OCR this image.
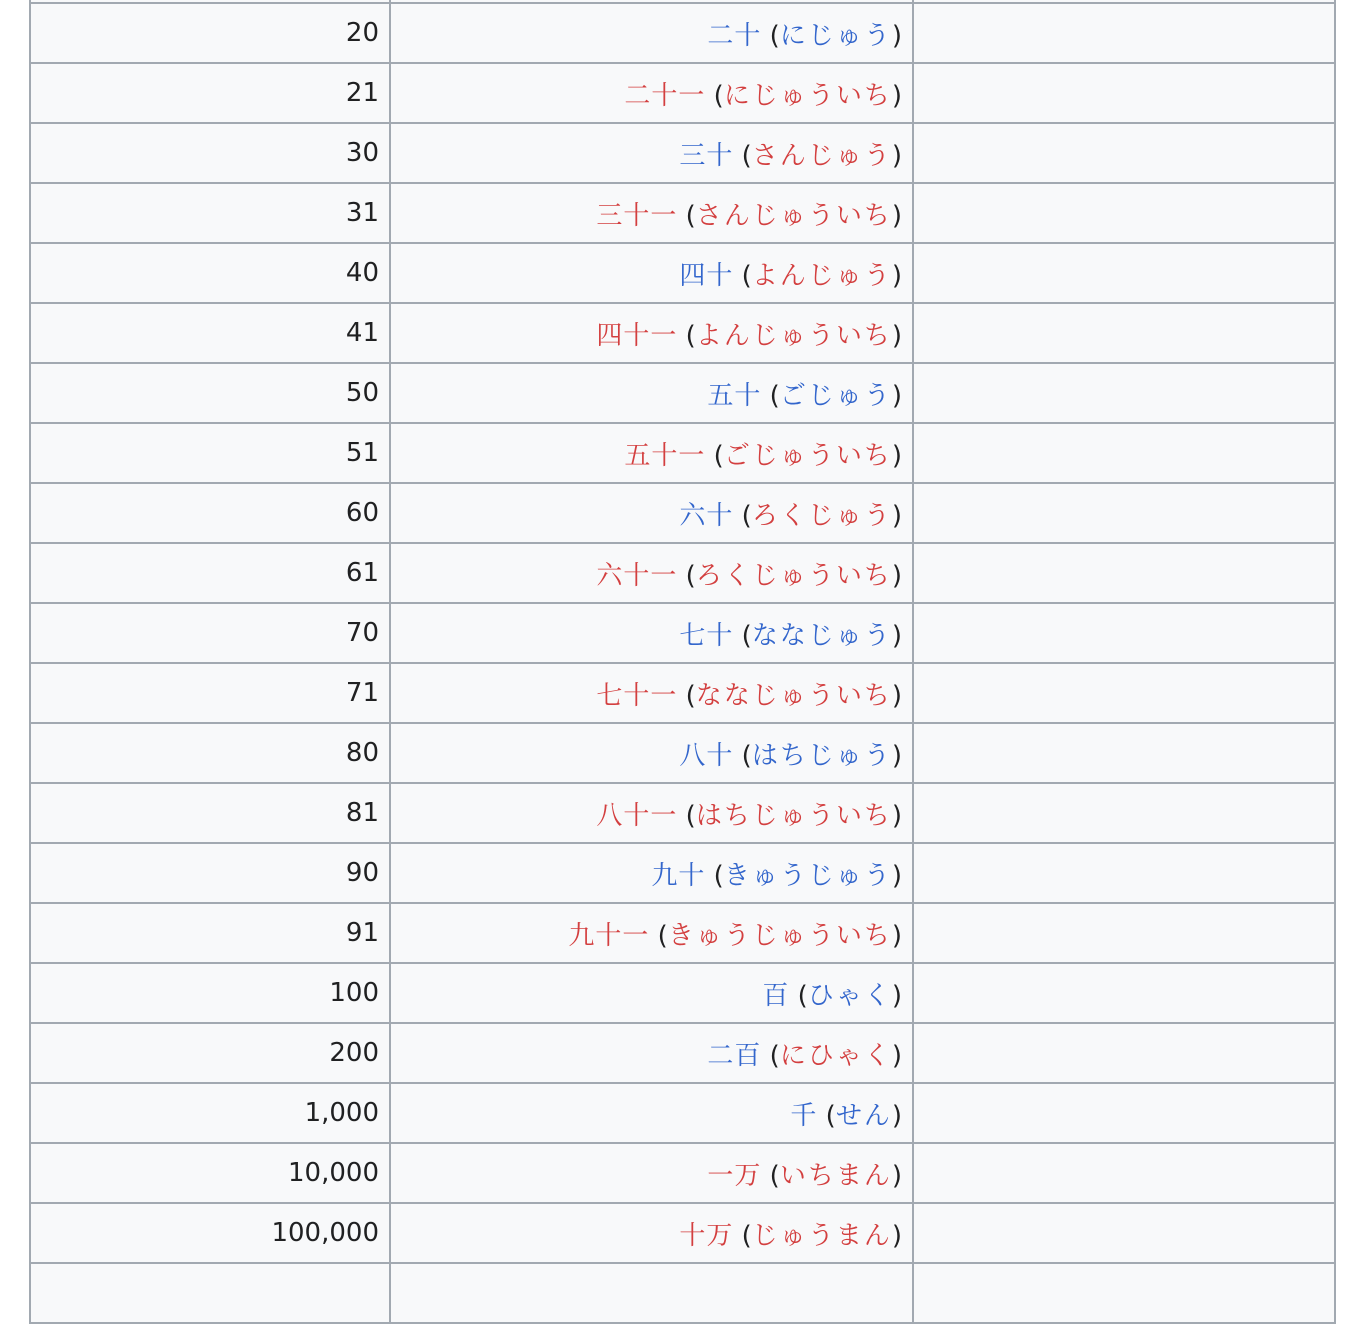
20	二十 (にじゅう)	
21	二十一 (にじゅういち)	
30	三十 (さんじゅう)	
31	三十一 (さんじゅういち)	
40	四十 (よんじゅう)	
41	四十一 (よんじゅういち)	
50	五十 (ごじゅう)	
51	五十一 (ごじゅういち)	
60	六十 (ろくじゅう)	
61	六十一 (ろくじゅういち)	
70	七十 (ななじゅう)	
71	七十一 (ななじゅういち)	
80	八十 (はちじゅう)	
81	八十一 (はちじゅういち)	
90	九十 (きゅうじゅう)	
91	九十一 (きゅうじゅういち)	
100	百 (ひゃく)	
200	二百 (にひゃく)	
1,000	千 (せん)	
10,000	一万 (いちまん)	
100,000	十万 (じゅうまん)	
